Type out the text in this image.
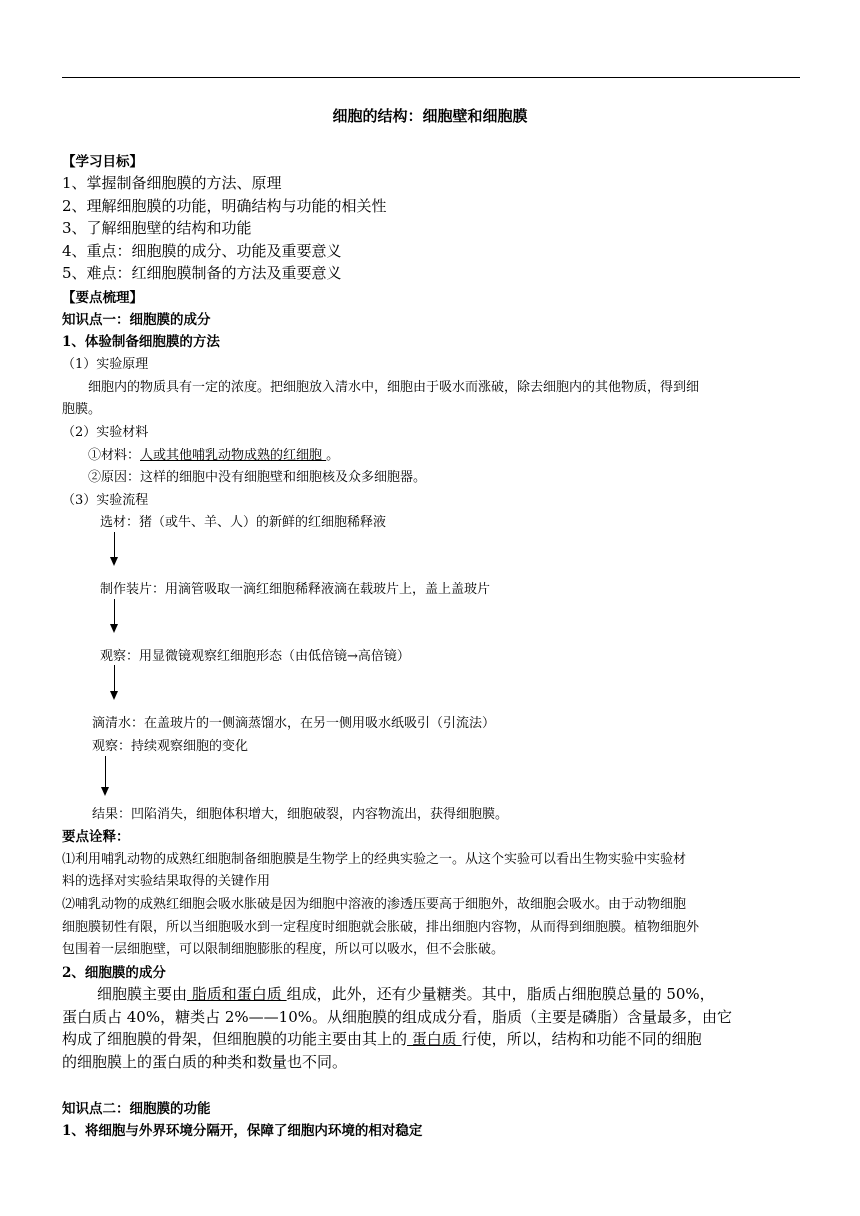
细胞的结构：细胞壁和细胞膜
【学习目标】
1、掌握制备细胞膜的方法、原理
2、理解细胞膜的功能，明确结构与功能的相关性
3、了解细胞壁的结构和功能
4、重点：细胞膜的成分、功能及重要意义
5、难点：红细胞膜制备的方法及重要意义
【要点梳理】
知识点一：细胞膜的成分
1、体验制备细胞膜的方法
（1）实验原理
细胞内的物质具有一定的浓度。把细胞放入清水中，细胞由于吸水而涨破，除去细胞内的其他物质，得到细
胞膜。
（2）实验材料
①材料：人或其他哺乳动物成熟的红细胞 。
②原因：这样的细胞中没有细胞壁和细胞核及众多细胞器。
（3）实验流程
选材：猪（或牛、羊、人）的新鲜的红细胞稀释液
制作装片：用滴管吸取一滴红细胞稀释液滴在载玻片上，盖上盖玻片
观察：用显微镜观察红细胞形态（由低倍镜→高倍镜）
滴清水：在盖玻片的一侧滴蒸馏水，在另一侧用吸水纸吸引（引流法）
观察：持续观察细胞的变化
结果：凹陷消失，细胞体积增大，细胞破裂，内容物流出，获得细胞膜。
要点诠释：
⑴利用哺乳动物的成熟红细胞制备细胞膜是生物学上的经典实验之一。从这个实验可以看出生物实验中实验材
料的选择对实验结果取得的关键作用
⑵哺乳动物的成熟红细胞会吸水胀破是因为细胞中溶液的渗透压要高于细胞外，故细胞会吸水。由于动物细胞
细胞膜韧性有限，所以当细胞吸水到一定程度时细胞就会胀破，排出细胞内容物，从而得到细胞膜。植物细胞外
包围着一层细胞壁，可以限制细胞膨胀的程度，所以可以吸水，但不会胀破。
2、细胞膜的成分
细胞膜主要由 脂质和蛋白质 组成，此外，还有少量糖类。其中，脂质占细胞膜总量的 50%，
蛋白质占 40%，糖类占 2%——10%。从细胞膜的组成成分看，脂质（主要是磷脂）含量最多，由它
构成了细胞膜的骨架，但细胞膜的功能主要由其上的 蛋白质 行使，所以，结构和功能不同的细胞
的细胞膜上的蛋白质的种类和数量也不同。
知识点二：细胞膜的功能
1、将细胞与外界环境分隔开，保障了细胞内环境的相对稳定
